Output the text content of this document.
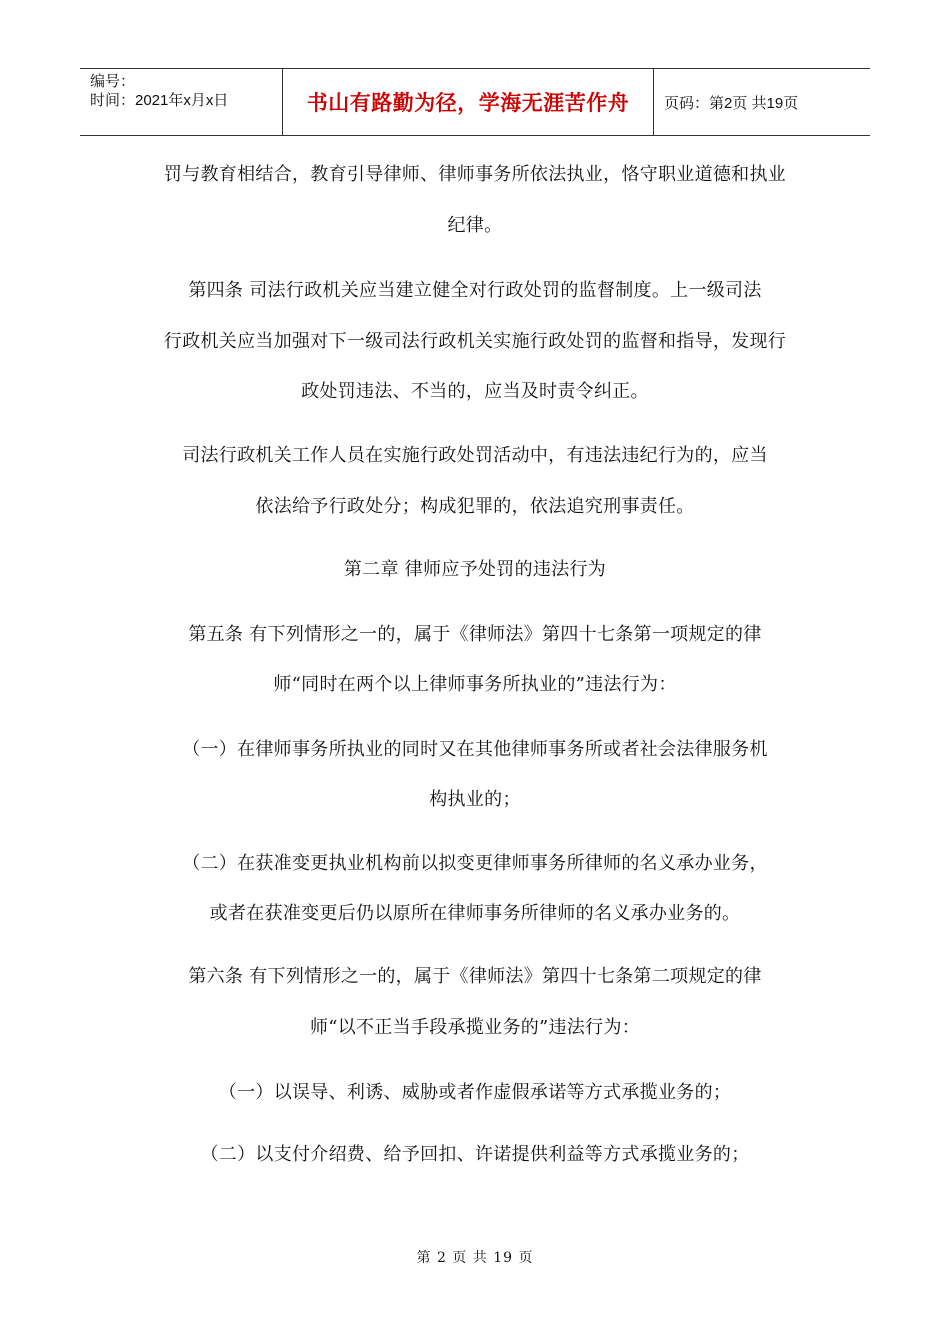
编号：
时间：2021年x月x日	书山有路勤为径，学海无涯苦作舟	页码：第2页 共19页
罚与教育相结合，教育引导律师、律师事务所依法执业，恪守职业道德和执业
纪律。
第四条 司法行政机关应当建立健全对行政处罚的监督制度。上一级司法
行政机关应当加强对下一级司法行政机关实施行政处罚的监督和指导，发现行
政处罚违法、不当的，应当及时责令纠正。
司法行政机关工作人员在实施行政处罚活动中，有违法违纪行为的，应当
依法给予行政处分；构成犯罪的，依法追究刑事责任。
第二章 律师应予处罚的违法行为
第五条 有下列情形之一的，属于《律师法》第四十七条第一项规定的律
师“同时在两个以上律师事务所执业的”违法行为：
（一）在律师事务所执业的同时又在其他律师事务所或者社会法律服务机
构执业的；
（二）在获准变更执业机构前以拟变更律师事务所律师的名义承办业务，
或者在获准变更后仍以原所在律师事务所律师的名义承办业务的。
第六条 有下列情形之一的，属于《律师法》第四十七条第二项规定的律
师“以不正当手段承揽业务的”违法行为：
（一）以误导、利诱、威胁或者作虚假承诺等方式承揽业务的；
（二）以支付介绍费、给予回扣、许诺提供利益等方式承揽业务的；
第 2 页 共 19 页
